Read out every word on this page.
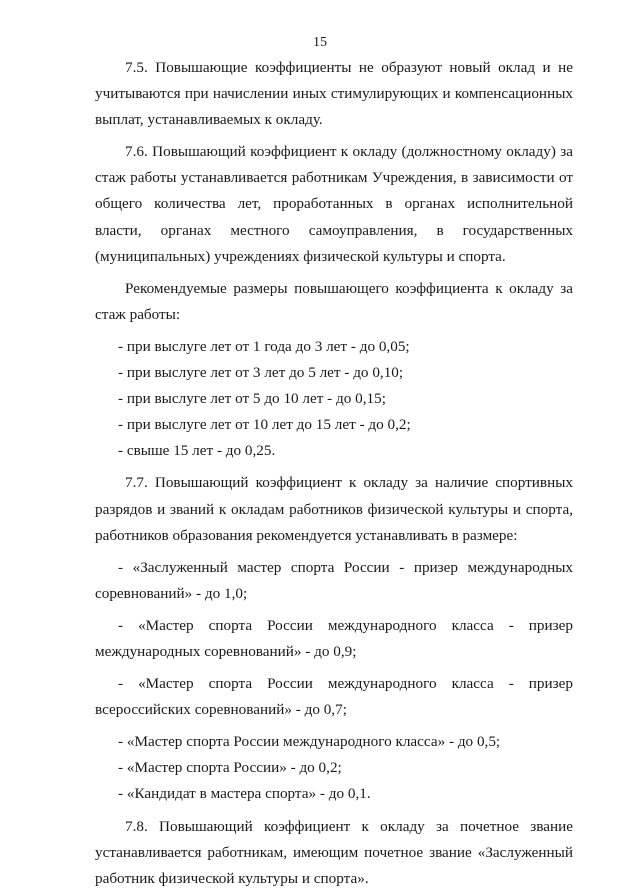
15

7.5. Повышающие коэффициенты не образуют новый оклад и не учитываются при начислении иных стимулирующих и компенсационных выплат, устанавливаемых к окладу.

7.6. Повышающий коэффициент к окладу (должностному окладу) за стаж работы устанавливается работникам Учреждения, в зависимости от общего количества лет, проработанных в органах исполнительной власти, органах местного самоуправления, в государственных (муниципальных) учреждениях физической культуры и спорта.

Рекомендуемые размеры повышающего коэффициента к окладу за стаж работы:

- при выслуге лет от 1 года до 3 лет - до 0,05;

- при выслуге лет от 3 лет до 5 лет - до 0,10;

- при выслуге лет от 5 до 10 лет - до 0,15;

- при выслуге лет от 10 лет до 15 лет - до 0,2;

- свыше 15 лет - до 0,25.

7.7. Повышающий коэффициент к окладу за наличие спортивных разрядов и званий к окладам работников физической культуры и спорта, работников образования рекомендуется устанавливать в размере:

- «Заслуженный мастер спорта России - призер международных соревнований» - до 1,0;

- «Мастер спорта России международного класса - призер международных соревнований» - до 0,9;

- «Мастер спорта России международного класса - призер всероссийских соревнований» - до 0,7;

- «Мастер спорта России международного класса» - до 0,5;

- «Мастер спорта России» - до 0,2;

- «Кандидат в мастера спорта» - до 0,1.

7.8. Повышающий коэффициент к окладу за почетное звание устанавливается работникам, имеющим почетное звание «Заслуженный работник физической культуры и спорта».
